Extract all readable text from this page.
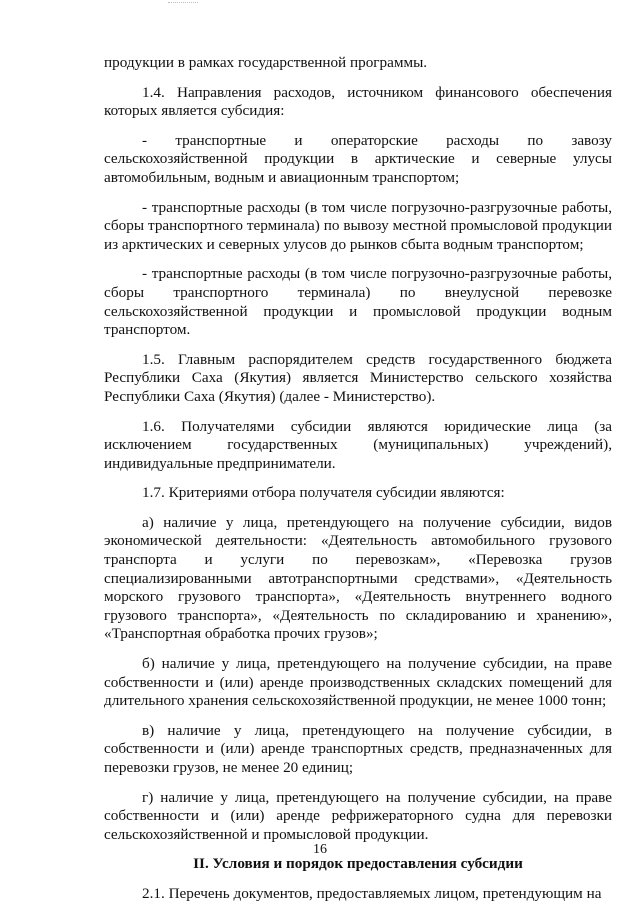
продукции в рамках государственной программы.

1.4. Направления расходов, источником финансового обеспечения которых является субсидия:

- транспортные и операторские расходы по завозу сельскохозяйственной продукции в арктические и северные улусы автомобильным, водным и авиационным транспортом;

- транспортные расходы (в том числе погрузочно-разгрузочные работы, сборы транспортного терминала) по вывозу местной промысловой продукции из арктических и северных улусов до рынков сбыта водным транспортом;

- транспортные расходы (в том числе погрузочно-разгрузочные работы, сборы транспортного терминала) по внеулусной перевозке сельскохозяйственной продукции и промысловой продукции водным транспортом.

1.5. Главным распорядителем средств государственного бюджета Республики Саха (Якутия) является Министерство сельского хозяйства Республики Саха (Якутия) (далее - Министерство).

1.6. Получателями субсидии являются юридические лица (за исключением государственных (муниципальных) учреждений), индивидуальные предприниматели.

1.7. Критериями отбора получателя субсидии являются:

а) наличие у лица, претендующего на получение субсидии, видов экономической деятельности: «Деятельность автомобильного грузового транспорта и услуги по перевозкам», «Перевозка грузов специализированными автотранспортными средствами», «Деятельность морского грузового транспорта», «Деятельность внутреннего водного грузового транспорта», «Деятельность по складированию и хранению», «Транспортная обработка прочих грузов»;

б) наличие у лица, претендующего на получение субсидии, на праве собственности и (или) аренде производственных складских помещений для длительного хранения сельскохозяйственной продукции, не менее 1000 тонн;

в) наличие у лица, претендующего на получение субсидии, в собственности и (или) аренде транспортных средств, предназначенных для перевозки грузов, не менее 20 единиц;

г) наличие у лица, претендующего на получение субсидии, на праве собственности и (или) аренде рефрижераторного судна для перевозки сельскохозяйственной и промысловой продукции.

II. Условия и порядок предоставления субсидии

2.1. Перечень документов, предоставляемых лицом, претендующим на

16
